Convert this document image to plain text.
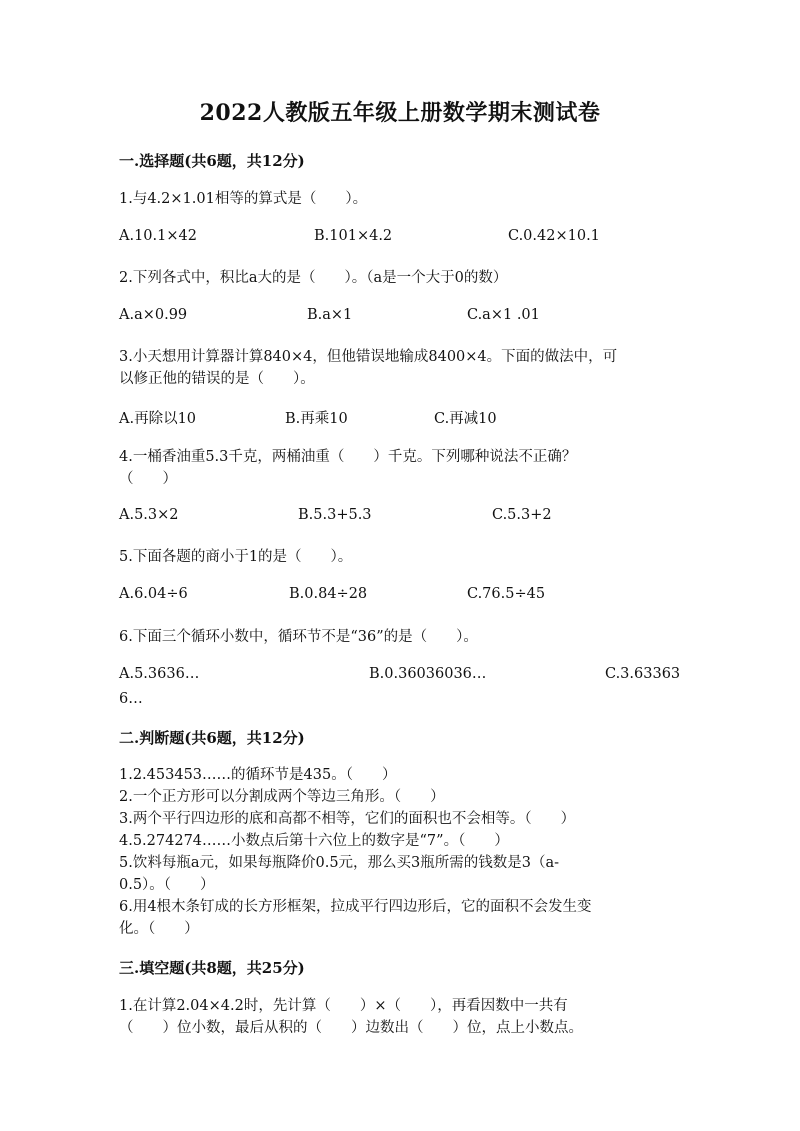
2022人教版五年级上册数学期末测试卷
一.选择题(共6题，共12分)
1.与4.2×1.01相等的算式是（　　）。
A.10.1×42	B.101×4.2	C.0.42×10.1
2.下列各式中，积比a大的是（　　）。（a是一个大于0的数）
A.a×0.99	B.a×1	C.a×1 .01
3.小天想用计算器计算840×4，但他错误地输成8400×4。下面的做法中，可
以修正他的错误的是（　　）。
A.再除以10	B.再乘10	C.再减10
4.一桶香油重5.3千克，两桶油重（　　）千克。下列哪种说法不正确？
（　　）
A.5.3×2	B.5.3+5.3	C.5.3+2
5.下面各题的商小于1的是（　　）。
A.6.04÷6	B.0.84÷28	C.76.5÷45
6.下面三个循环小数中，循环节不是“36”的是（　　）。
A.5.3636…	B.0.36036036…	C.3.63363
6…
二.判断题(共6题，共12分)
1.2.453453……的循环节是435。（　　）
2.一个正方形可以分割成两个等边三角形。（　　）
3.两个平行四边形的底和高都不相等，它们的面积也不会相等。（　　）
4.5.274274……小数点后第十六位上的数字是“7”。（　　）
5.饮料每瓶a元，如果每瓶降价0.5元，那么买3瓶所需的钱数是3（a-
0.5）。（　　）
6.用4根木条钉成的长方形框架，拉成平行四边形后，它的面积不会发生变
化。（　　）
三.填空题(共8题，共25分)
1.在计算2.04×4.2时，先计算（　　）×（　　），再看因数中一共有
（　　）位小数，最后从积的（　　）边数出（　　）位，点上小数点。
